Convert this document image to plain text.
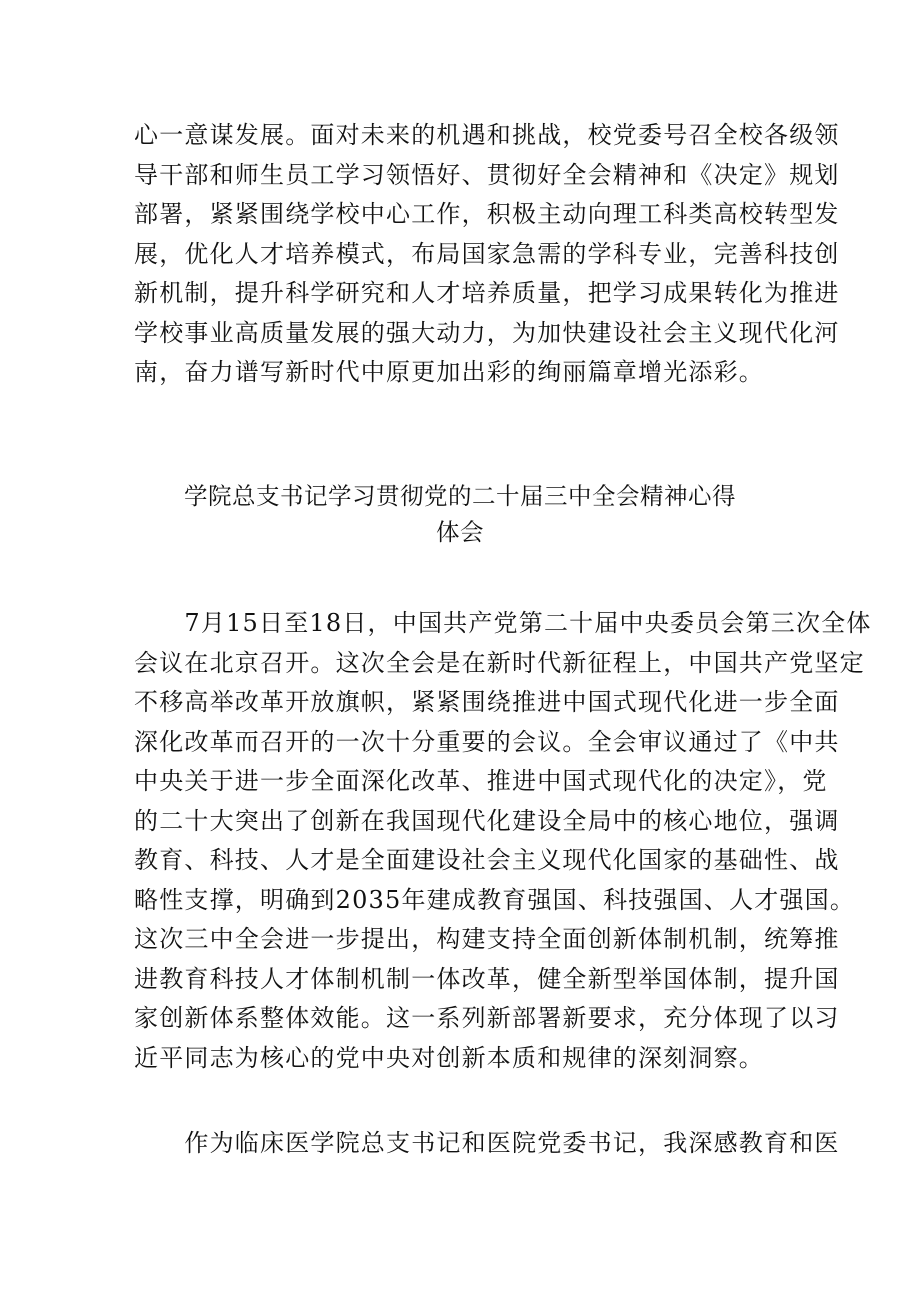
心一意谋发展。面对未来的机遇和挑战，校党委号召全校各级领
导干部和师生员工学习领悟好、贯彻好全会精神和《决定》规划
部署，紧紧围绕学校中心工作，积极主动向理工科类高校转型发
展，优化人才培养模式，布局国家急需的学科专业，完善科技创
新机制，提升科学研究和人才培养质量，把学习成果转化为推进
学校事业高质量发展的强大动力，为加快建设社会主义现代化河
南，奋力谱写新时代中原更加出彩的绚丽篇章增光添彩。
学院总支书记学习贯彻党的二十届三中全会精神心得
体会
　　7月15日至18日，中国共产党第二十届中央委员会第三次全体
会议在北京召开。这次全会是在新时代新征程上，中国共产党坚定
不移高举改革开放旗帜，紧紧围绕推进中国式现代化进一步全面
深化改革而召开的一次十分重要的会议。全会审议通过了《中共
中央关于进一步全面深化改革、推进中国式现代化的决定》，党
的二十大突出了创新在我国现代化建设全局中的核心地位，强调
教育、科技、人才是全面建设社会主义现代化国家的基础性、战
略性支撑，明确到2035年建成教育强国、科技强国、人才强国。
这次三中全会进一步提出，构建支持全面创新体制机制，统筹推
进教育科技人才体制机制一体改革，健全新型举国体制，提升国
家创新体系整体效能。这一系列新部署新要求，充分体现了以习
近平同志为核心的党中央对创新本质和规律的深刻洞察。
　　作为临床医学院总支书记和医院党委书记，我深感教育和医
